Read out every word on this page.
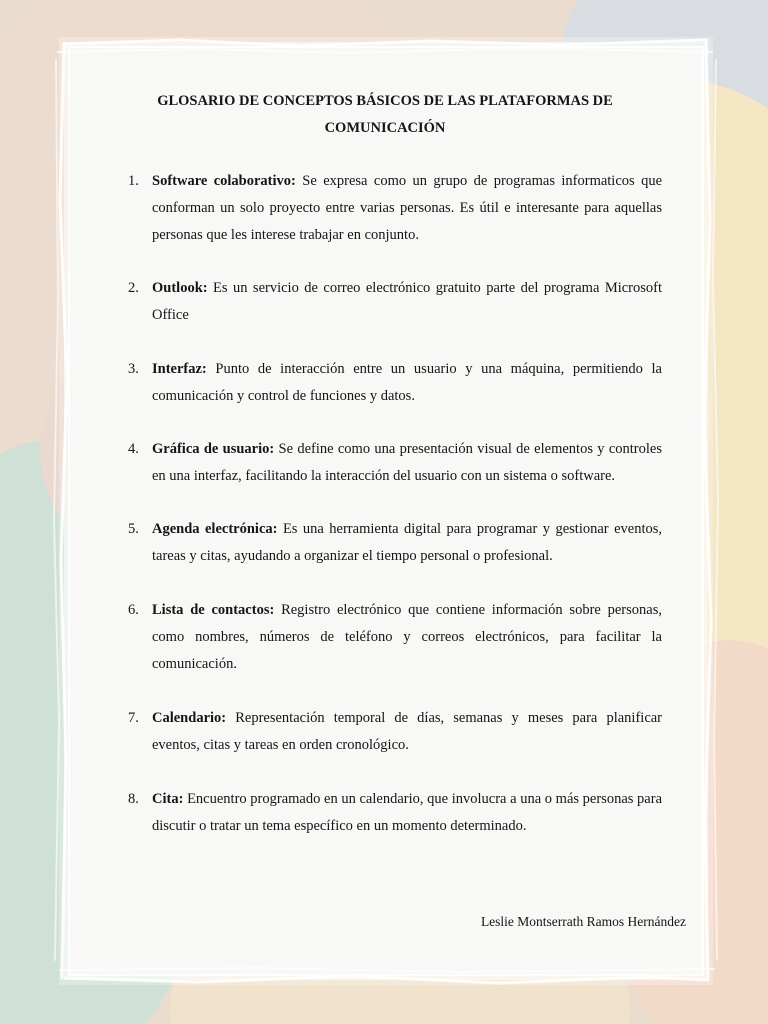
GLOSARIO DE CONCEPTOS BÁSICOS DE LAS PLATAFORMAS DE
COMUNICACIÓN
1. Software colaborativo: Se expresa como un grupo de programas informaticos que conforman un solo proyecto entre varias personas. Es útil e interesante para aquellas personas que les interese trabajar en conjunto.
2. Outlook: Es un servicio de correo electrónico gratuito parte del programa Microsoft Office
3. Interfaz: Punto de interacción entre un usuario y una máquina, permitiendo la comunicación y control de funciones y datos.
4. Gráfica de usuario: Se define como una presentación visual de elementos y controles en una interfaz, facilitando la interacción del usuario con un sistema o software.
5. Agenda electrónica: Es una herramienta digital para programar y gestionar eventos, tareas y citas, ayudando a organizar el tiempo personal o profesional.
6. Lista de contactos: Registro electrónico que contiene información sobre personas, como nombres, números de teléfono y correos electrónicos, para facilitar la comunicación.
7. Calendario: Representación temporal de días, semanas y meses para planificar eventos, citas y tareas en orden cronológico.
8. Cita: Encuentro programado en un calendario, que involucra a una o más personas para discutir o tratar un tema específico en un momento determinado.
Leslie Montserrath Ramos Hernández
